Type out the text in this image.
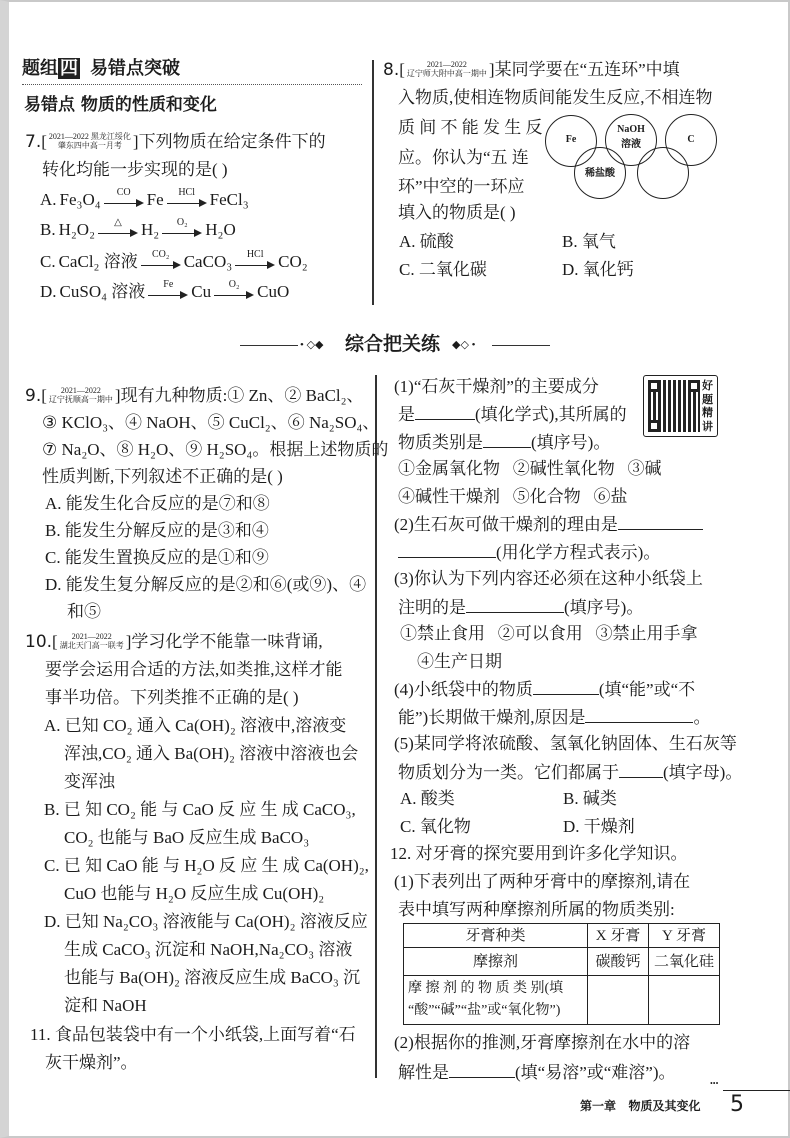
题组 四 易错点突破
易错点 物质的性质和变化
7.[ 2021—2022 黑龙江绥化
肇东四中高一月考 ]下列物质在给定条件下的
转化均能一步实现的是( )
A. Fe₃O₄	CO Fe	HCl FeCl₃
B. H₂O₂	△	H₂	O₂	H₂O
C. CaCl₂ 溶液	CO₂ CaCO₃	HCl CO₂
D. CuSO₄ 溶液	Fe	Cu	O₂	CuO
8.[	2021—2022
辽宁师大附中高一期中 ]某同学要在“五连环”中填
入物质,使相连物质间能发生反应,不相连物
质 间 不 能 发 生 反
应。你认为“五 连
环”中空的一环应
填入的物质是( )
Fe
NaOH
溶液	C
稀盐酸
A. 硫酸	B. 氧气
C. 二氧化碳	D. 氧化钙
• ◇◆ 综合把关练 ◆◇ •
9.[	2021—2022
辽宁抚顺高一期中 ]现有九种物质:① Zn、② BaCl₂、
③ KClO₃、④ NaOH、⑤ CuCl₂、⑥ Na₂SO₄、
⑦ Na₂O、⑧ H₂O、⑨ H₂SO₄。根据上述物质的
性质判断,下列叙述不正确的是( )
A. 能发生化合反应的是⑦和⑧
B. 能发生分解反应的是③和④
C. 能发生置换反应的是①和⑨
D. 能发生复分解反应的是②和⑥(或⑨)、④
和⑤
10.[	2021—2022
湖北天门高一联考 ]学习化学不能靠一味背诵,
要学会运用合适的方法,如类推,这样才能
事半功倍。下列类推不正确的是( )
A. 已知 CO₂ 通入 Ca(OH)₂ 溶液中,溶液变
浑浊,CO₂ 通入 Ba(OH)₂ 溶液中溶液也会
变浑浊
B. 已 知 CO₂ 能 与 CaO 反 应 生 成 CaCO₃,
CO₂ 也能与 BaO 反应生成 BaCO₃
C. 已 知 CaO 能 与 H₂O 反 应 生 成 Ca(OH)₂,
CuO 也能与 H₂O 反应生成 Cu(OH)₂
D. 已知 Na₂CO₃ 溶液能与 Ca(OH)₂ 溶液反应
生成 CaCO₃ 沉淀和 NaOH,Na₂CO₃ 溶液
也能与 Ba(OH)₂ 溶液反应生成 BaCO₃ 沉
淀和 NaOH
11. 食品包装袋中有一个小纸袋,上面写着“石
灰干燥剂”。
好题精讲
(1)“石灰干燥剂”的主要成分
是	(填化学式),其所属的
物质类别是	(填序号)。
①金属氧化物   ②碱性氧化物   ③碱
④碱性干燥剂   ⑤化合物   ⑥盐
(2)生石灰可做干燥剂的理由是
(用化学方程式表示)。
(3)你认为下列内容还必须在这种小纸袋上
注明的是	(填序号)。
①禁止食用   ②可以食用   ③禁止用手拿
④生产日期
(4)小纸袋中的物质	(填“能”或“不
能”)长期做干燥剂,原因是	。
(5)某同学将浓硫酸、氢氧化钠固体、生石灰等
物质划分为一类。它们都属于	(填字母)。
A. 酸类	B. 碱类
C. 氧化物	D. 干燥剂
12. 对牙膏的探究要用到许多化学知识。
(1)下表列出了两种牙膏中的摩擦剂,请在
表中填写两种摩擦剂所属的物质类别:
牙膏种类	X 牙膏	Y 牙膏
摩擦剂	碳酸钙	二氧化硅

摩 擦 剂 的 物 质 类 别(填
“酸”“碱”“盐”或“氧化物”)		

(2)根据你的推测,牙膏摩擦剂在水中的溶
解性是	(填“易溶”或“难溶”)。
•••
第一章   物质及其变化 5
